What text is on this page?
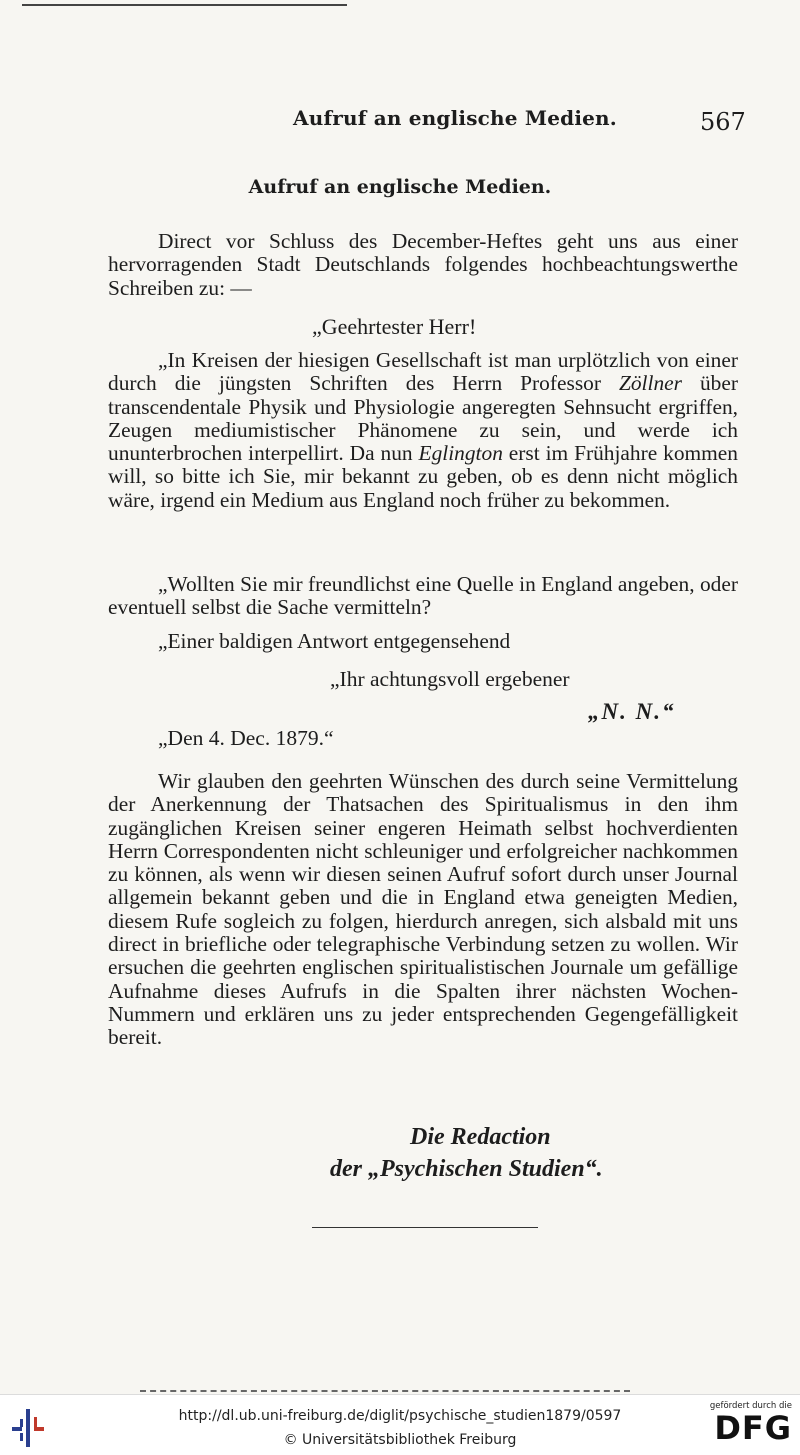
Aufruf an englische Medien.	567
Aufruf an englische Medien.

Direct vor Schluss des December-Heftes geht uns aus einer hervorragenden Stadt Deutschlands folgendes hochbeachtungswerthe Schreiben zu: —

„Geehrtester Herr!

„In Kreisen der hiesigen Gesellschaft ist man urplötzlich von einer durch die jüngsten Schriften des Herrn Professor Zöllner über transcendentale Physik und Physiologie angeregten Sehnsucht ergriffen, Zeugen mediumistischer Phänomene zu sein, und werde ich ununterbrochen interpellirt. Da nun Eglington erst im Frühjahre kommen will, so bitte ich Sie, mir bekannt zu geben, ob es denn nicht möglich wäre, irgend ein Medium aus England noch früher zu bekommen.

„Wollten Sie mir freundlichst eine Quelle in England angeben, oder eventuell selbst die Sache vermitteln?

„Einer baldigen Antwort entgegensehend

„Ihr achtungsvoll ergebener
„N. N.“
„Den 4. Dec. 1879.“

Wir glauben den geehrten Wünschen des durch seine Vermittelung der Anerkennung der Thatsachen des Spiritualismus in den ihm zugänglichen Kreisen seiner engeren Heimath selbst hochverdienten Herrn Correspondenten nicht schleuniger und erfolgreicher nachkommen zu können, als wenn wir diesen seinen Aufruf sofort durch unser Journal allgemein bekannt geben und die in England etwa geneigten Medien, diesem Rufe sogleich zu folgen, hierdurch anregen, sich alsbald mit uns direct in briefliche oder telegraphische Verbindung setzen zu wollen. Wir ersuchen die geehrten englischen spiritualistischen Journale um gefällige Aufnahme dieses Aufrufs in die Spalten ihrer nächsten Wochen-Nummern und erklären uns zu jeder entsprechenden Gegengefälligkeit bereit.

Die Redaction
der „Psychischen Studien“.
http://dl.ub.uni-freiburg.de/diglit/psychische_studien1879/0597
© Universitätsbibliothek Freiburg
gefördert durch die
DFG
